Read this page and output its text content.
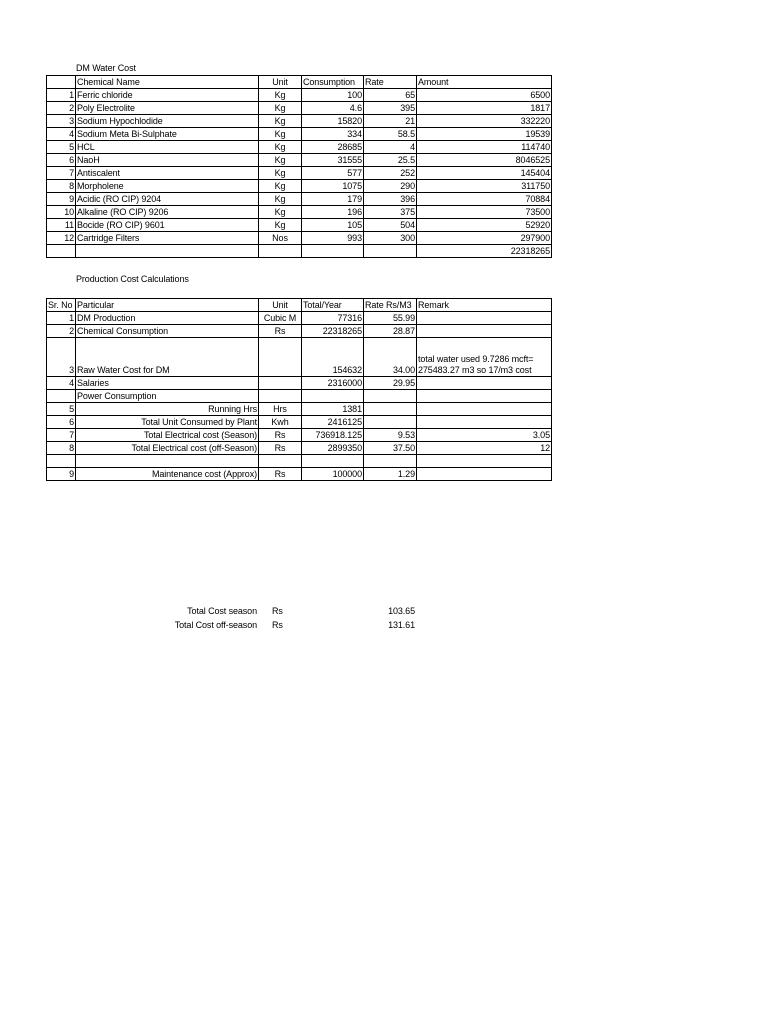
DM Water Cost
	Chemical Name	Unit	Consumption	Rate	Amount
1	Ferric chloride	Kg	100	65	6500
2	Poly Electrolite	Kg	4.6	395	1817
3	Sodium Hypochlodide	Kg	15820	21	332220
4	Sodium Meta Bi-Sulphate	Kg	334	58.5	19539
5	HCL	Kg	28685	4	114740
6	NaoH	Kg	31555	25.5	8046525
7	Antiscalent	Kg	577	252	145404
8	Morpholene	Kg	1075	290	311750
9	Acidic (RO CIP) 9204	Kg	179	396	70884
10	Alkaline (RO CIP) 9206	Kg	196	375	73500
11	Bocide (RO CIP) 9601	Kg	105	504	52920
12	Cartridge Filters	Nos	993	300	297900
					22318265
Production Cost Calculations
Sr. No	Particular	Unit	Total/Year	Rate Rs/M3	Remark
1	DM Production	Cubic M	77316	55.99	
2	Chemical Consumption	Rs	22318265	28.87	
3	Raw Water Cost for DM		154632	34.00	total water used 9.7286 mcft= 275483.27 m3 so 17/m3 cost
4	Salaries		2316000	29.95	
	Power Consumption				
5	Running Hrs	Hrs	1381		
6	Total Unit Consumed by Plant	Kwh	2416125		
7	Total Electrical cost (Season)	Rs	736918.125	9.53	3.05
8	Total Electrical cost (off-Season)	Rs	2899350	37.50	12

9	Maintenance cost (Approx)	Rs	100000	1.29	
Total Cost season Rs	103.65
Total Cost off-season Rs	131.61
